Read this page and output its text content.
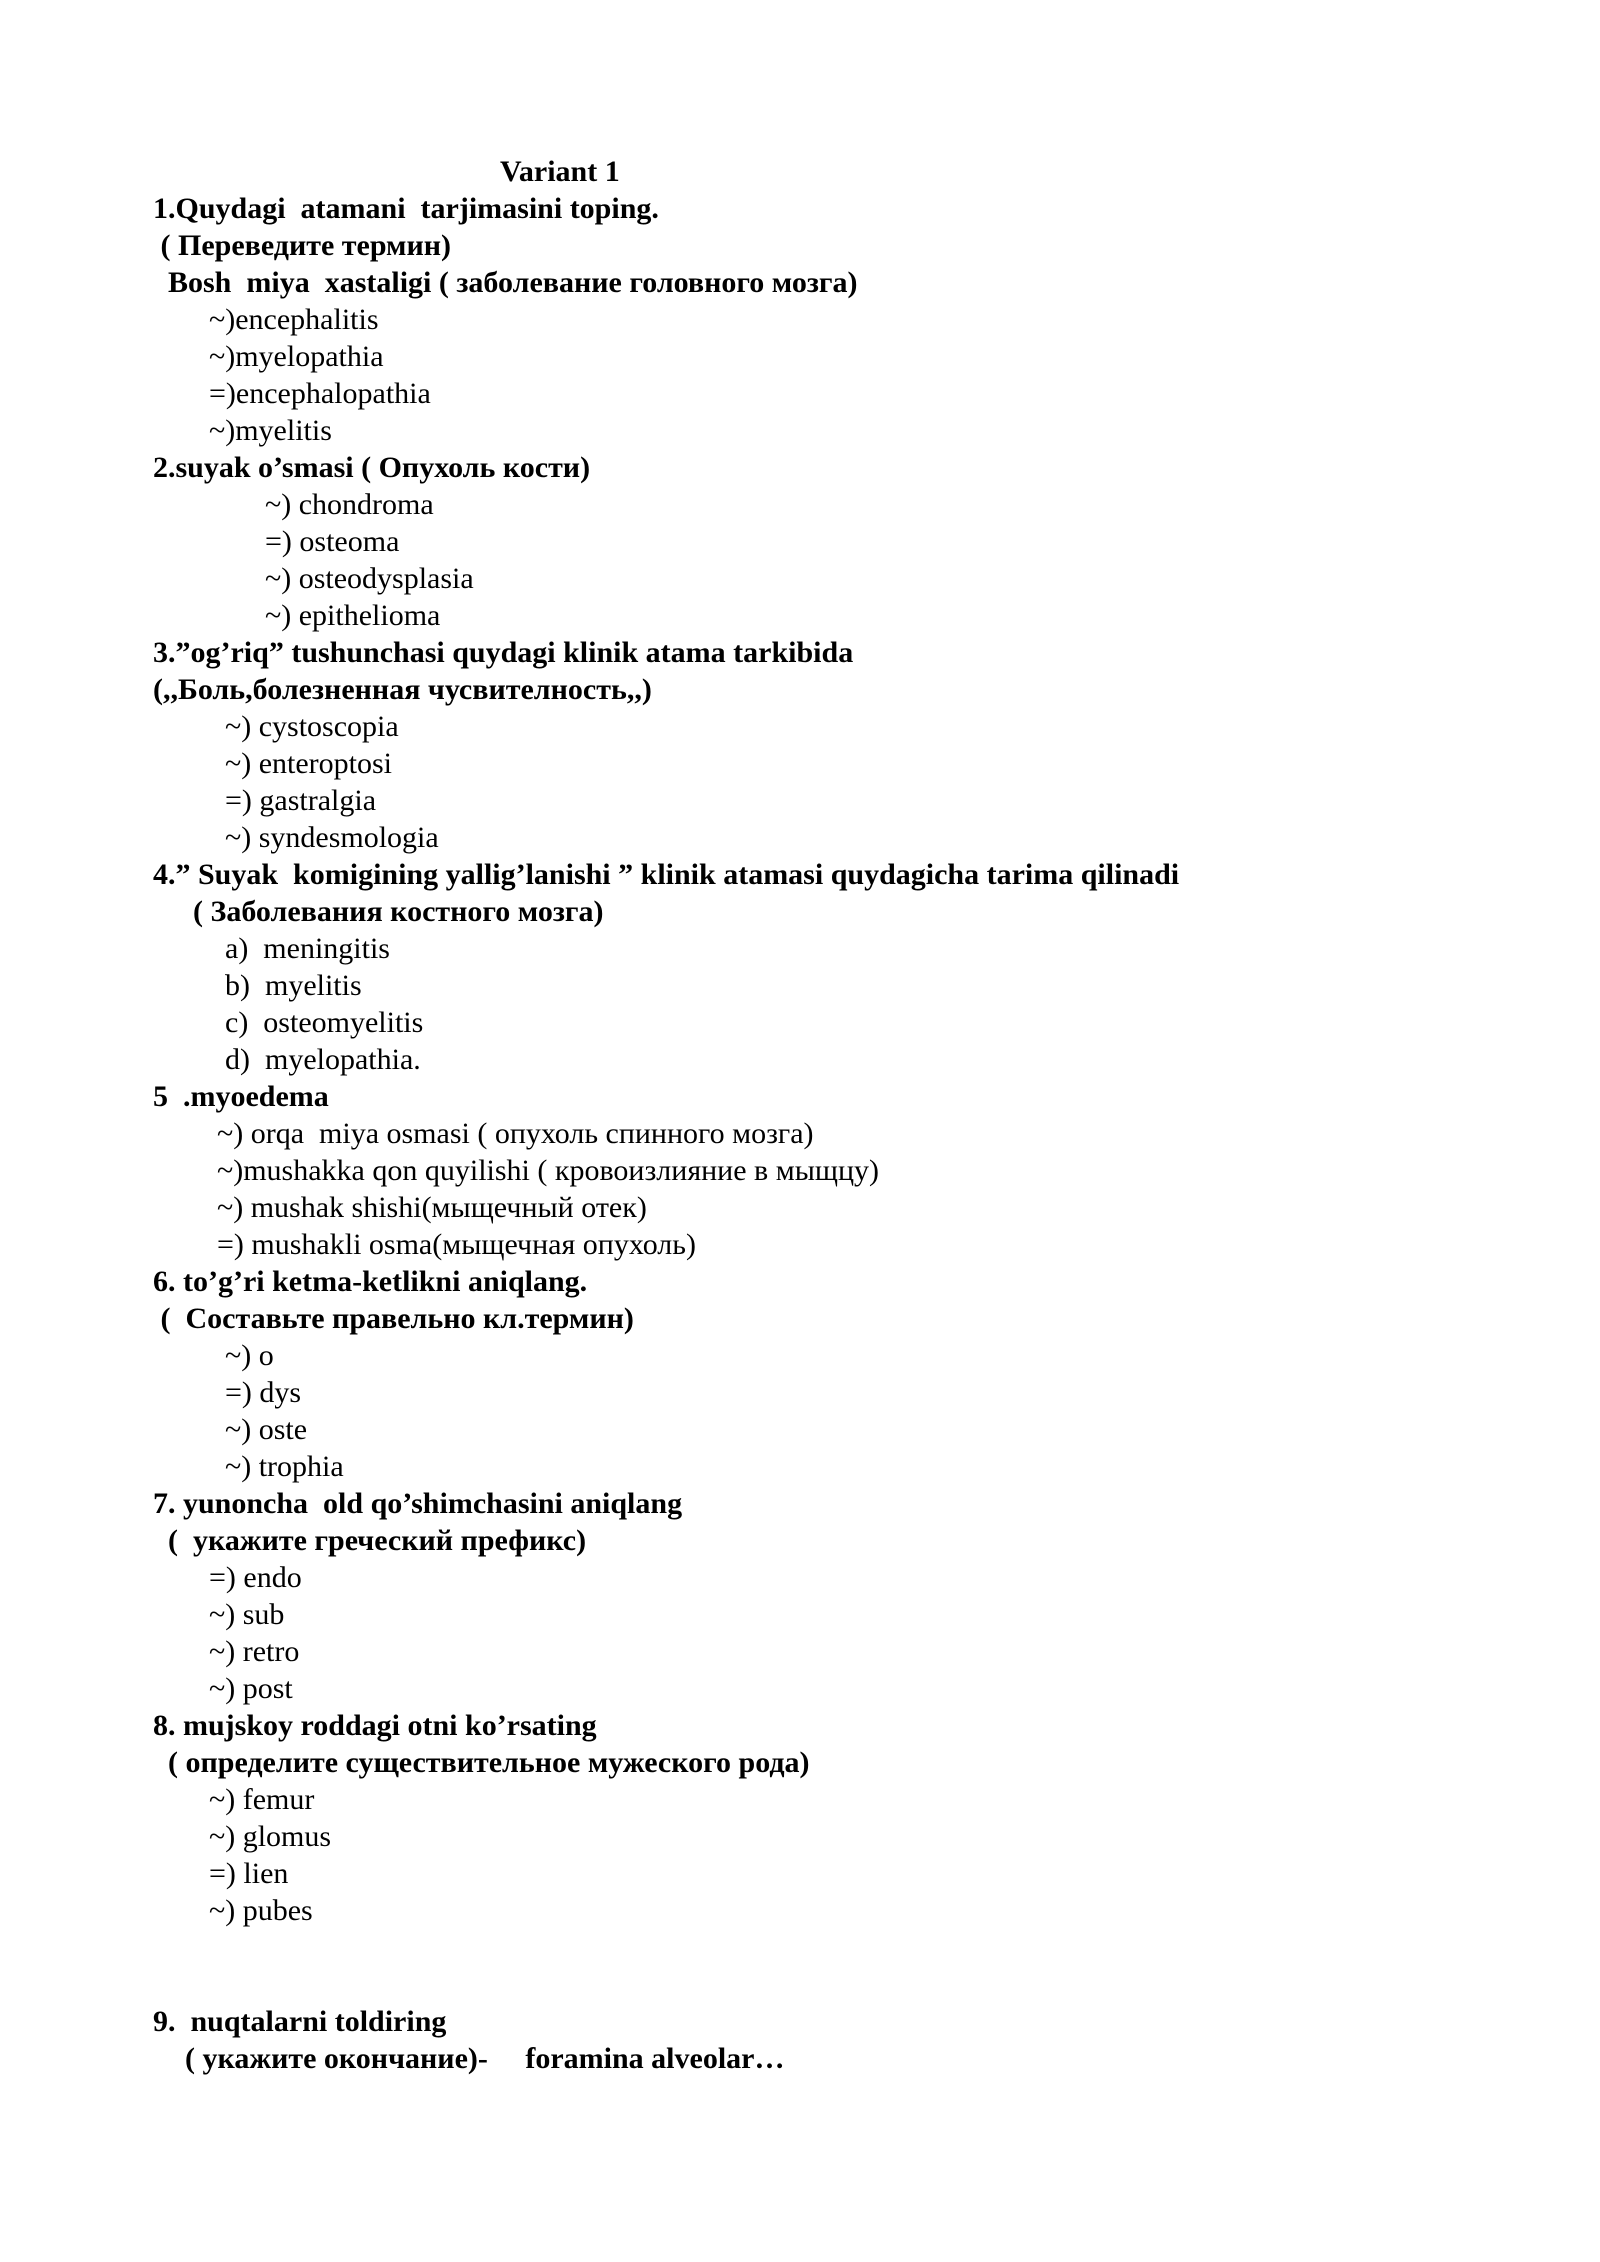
Variant 1
1.Quydagi  atamani  tarjimasini toping.
( Переведите термин)
Bosh  miya  xastaligi ( заболевание головного мозга)
~)encephalitis
~)myelopathia
=)encephalopathia
~)myelitis
2.suyak o’smasi ( Опухоль кости)
~) chondroma
=) osteoma
~) osteodysplasia
~) epithelioma
3.”og’riq” tushunchasi quydagi klinik atama tarkibida
(,,Боль,болезненная чусвителность,,)
~) cystoscopia
~) enteroptosi
=) gastralgia
~) syndesmologia
4.” Suyak  komigining yallig’lanishi ” klinik atamasi quydagicha tarima qilinadi
( Заболевания костного мозга)
a)  meningitis
b)  myelitis
c)  osteomyelitis
d)  myelopathia.
5  .myoedema
~) orqa  miya osmasi ( опухоль спинного мозга)
~)mushakka qon quyilishi ( кровоизлияние в мыщцу)
~) mushak shishi(мыщечный отек)
=) mushakli osma(мыщечная опухоль)
6. to’g’ri ketma-ketlikni aniqlang.
(  Составьте правельно кл.термин)
~) o
=) dys
~) oste
~) trophia
7. yunoncha  old qo’shimchasini aniqlang
(  укажите греческий префикс)
=) endo
~) sub
~) retro
~) post
8. mujskoy roddagi otni ko’rsating
( определите существительное мужеского рода)
~) femur
~) glomus
=) lien
~) pubes
9.  nuqtalarni toldiring
( укажите окончание)-     foramina alveolar…
